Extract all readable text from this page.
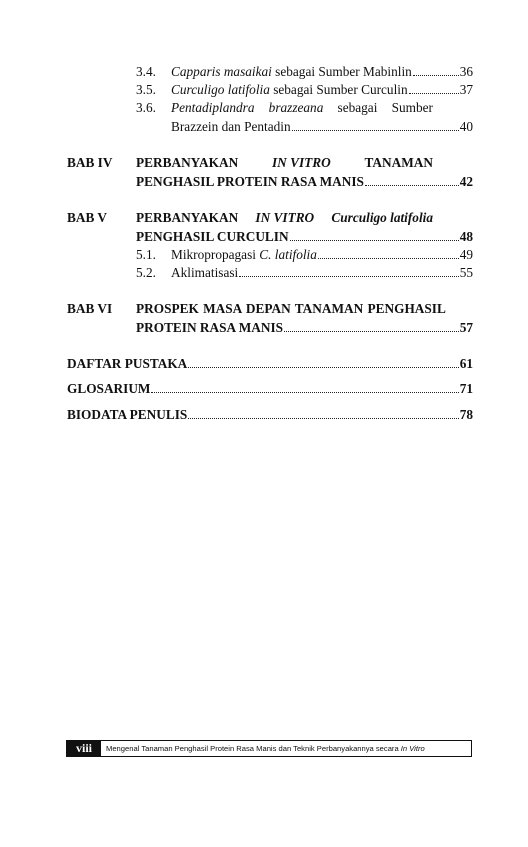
3.4. Capparis masaikai sebagai Sumber Mabinlin	36
3.5. Curculigo latifolia sebagai Sumber Curculin	37
3.6. Pentadiplandra brazzeana sebagai Sumber
Brazzein dan Pentadin	40
BAB IV PERBANYAKAN	IN VITRO	TANAMAN
PENGHASIL PROTEIN RASA MANIS	42
BAB V PERBANYAKAN IN VITRO Curculigo latifolia
PENGHASIL CURCULIN	48
5.1. Mikropropagasi C. latifolia	49
5.2. Aklimatisasi	55
BAB VI PROSPEK MASA DEPAN TANAMAN PENGHASIL
PROTEIN RASA MANIS	57
DAFTAR PUSTAKA	61
GLOSARIUM	71
BIODATA PENULIS	78
viii	Mengenal Tanaman Penghasil Protein Rasa Manis dan Teknik Perbanyakannya secara In Vitro
